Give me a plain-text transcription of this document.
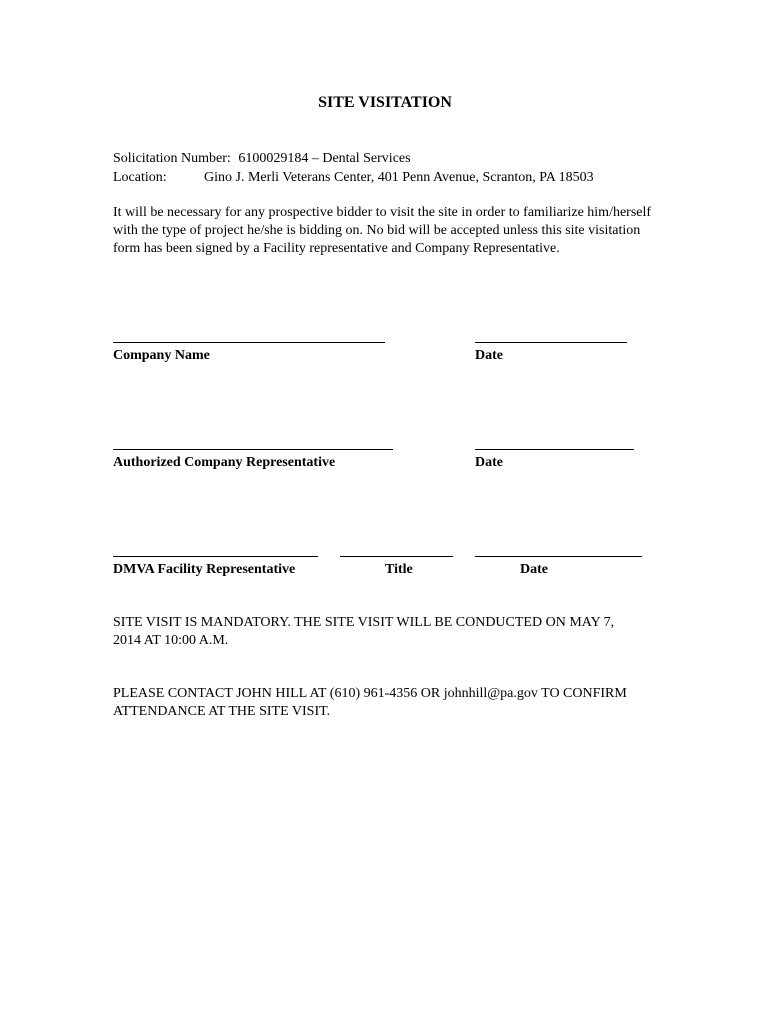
SITE VISITATION
Solicitation Number: 6100029184 – Dental Services
Location:	Gino J. Merli Veterans Center, 401 Penn Avenue, Scranton, PA 18503

It will be necessary for any prospective bidder to visit the site in order to familiarize him/herself with the type of project he/she is bidding on. No bid will be accepted unless this site visitation form has been signed by a Facility representative and Company Representative.

Company Name	Date
Authorized Company Representative	Date
DMVA Facility Representative	Title	Date

SITE VISIT IS MANDATORY. THE SITE VISIT WILL BE CONDUCTED ON MAY 7, 2014 AT 10:00 A.M.

PLEASE CONTACT JOHN HILL AT (610) 961-4356 OR johnhill@pa.gov TO CONFIRM ATTENDANCE AT THE SITE VISIT.
